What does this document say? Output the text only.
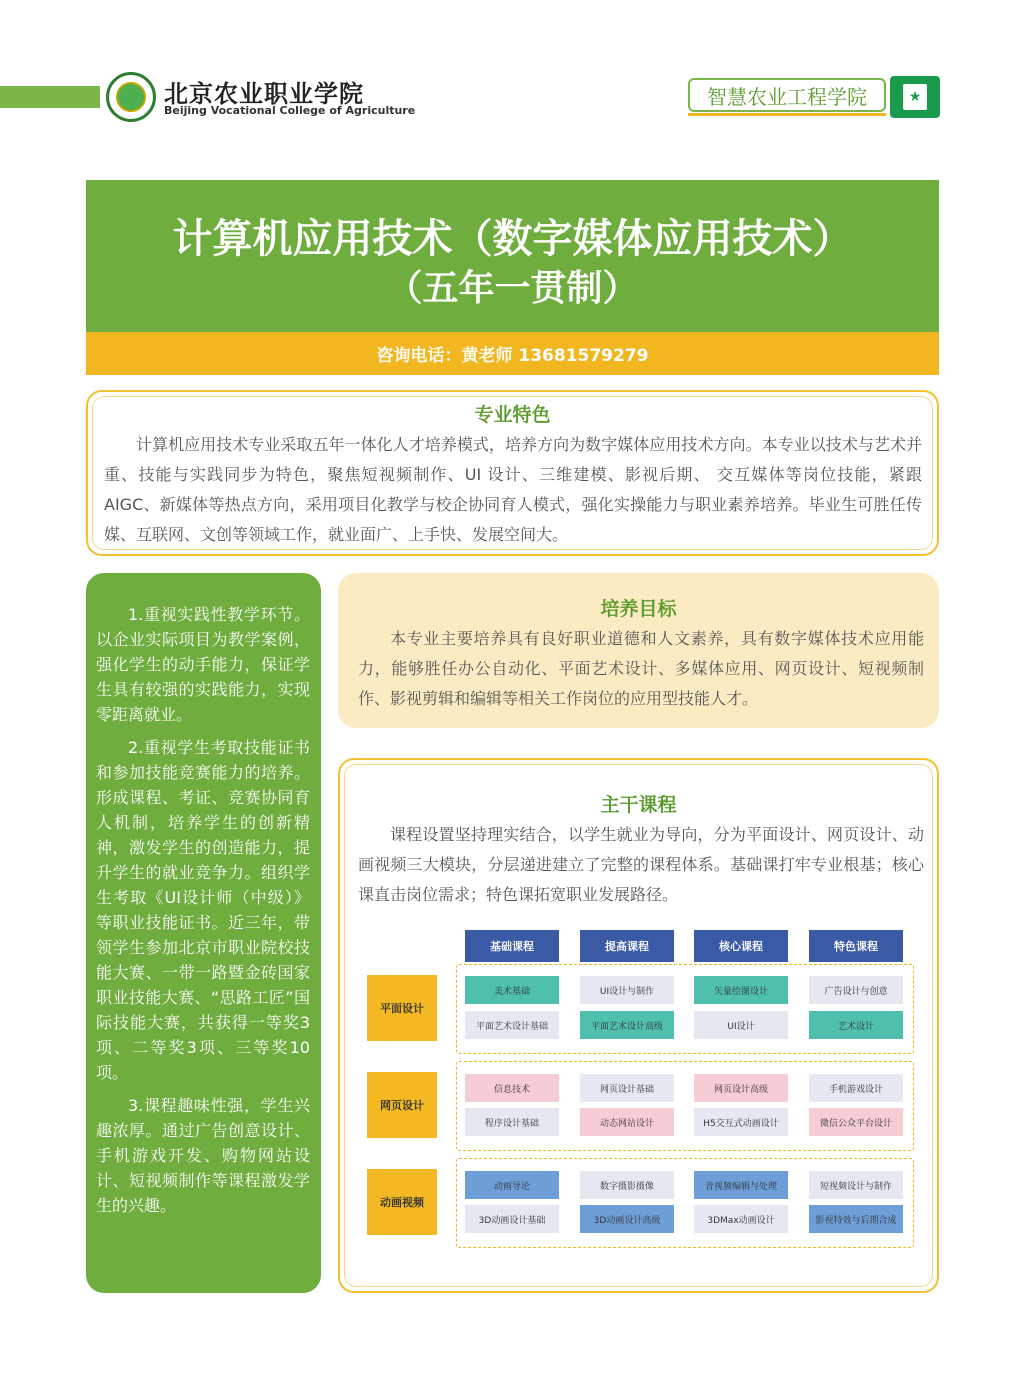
北京农业职业学院
Beijing Vocational College of Agriculture
智慧农业工程学院	★
计算机应用技术（数字媒体应用技术）
（五年一贯制）
咨询电话：黄老师 13681579279
专业特色
计算机应用技术专业采取五年一体化人才培养模式，培养方向为数字媒体应用技术方向。本专业以技术与艺术并重、技能与实践同步为特色，聚焦短视频制作、UI 设计、三维建模、影视后期、 交互媒体等岗位技能，紧跟 AIGC、新媒体等热点方向，采用项目化教学与校企协同育人模式，强化实操能力与职业素养培养。毕业生可胜任传媒、互联网、文创等领域工作，就业面广、上手快、发展空间大。

1.重视实践性教学环节。以企业实际项目为教学案例，强化学生的动手能力，保证学生具有较强的实践能力，实现零距离就业。

2.重视学生考取技能证书和参加技能竞赛能力的培养。形成课程、考证、竞赛协同育人机制，培养学生的创新精神，激发学生的创造能力，提升学生的就业竞争力。组织学生考取《UI设计师（中级）》等职业技能证书。近三年，带领学生参加北京市职业院校技能大赛、一带一路暨金砖国家职业技能大赛、“思路工匠”国际技能大赛，共获得一等奖3项、二等奖3项、三等奖10项。

3.课程趣味性强，学生兴趣浓厚。通过广告创意设计、手机游戏开发、购物网站设计、短视频制作等课程激发学生的兴趣。

培养目标
本专业主要培养具有良好职业道德和人文素养，具有数字媒体技术应用能力，能够胜任办公自动化、平面艺术设计、多媒体应用、网页设计、短视频制作、影视剪辑和编辑等相关工作岗位的应用型技能人才。
主干课程
课程设置坚持理实结合，以学生就业为导向，分为平面设计、网页设计、动画视频三大模块，分层递进建立了完整的课程体系。基础课打牢专业根基；核心课直击岗位需求；特色课拓宽职业发展路径。
基础课程	提高课程	核心课程	特色课程
平面设计
美术基础	UI设计与制作	矢量绘图设计	广告设计与创意
平面艺术设计基础	平面艺术设计高级	UI设计	艺术设计
网页设计
信息技术	网页设计基础	网页设计高级	手机游戏设计
程序设计基础	动态网站设计	H5交互式动画设计	微信公众平台设计
动画视频
动画导论	数字摄影摄像	音视频编辑与处理	短视频设计与制作
3D动画设计基础	3D动画设计高级	3DMax动画设计	影视特效与后期合成
